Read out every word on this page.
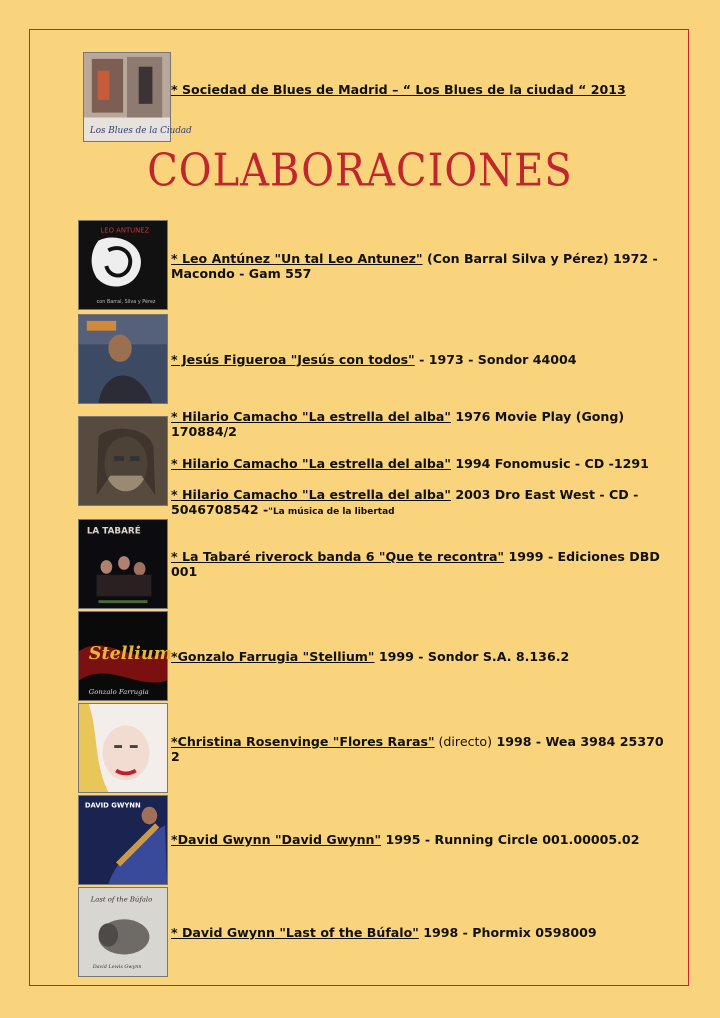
Los Blues de la Ciudad
* Sociedad de Blues de Madrid – “ Los Blues de la ciudad “ 2013
COLABORACIONES
LEO ANTUNEZ
con Barral, Silva y Pérez
* Leo Antúnez "Un tal Leo Antunez" (Con Barral Silva y Pérez) 1972 - Macondo - Gam 557
* Jesús Figueroa "Jesús con todos" - 1973 - Sondor 44004
* Hilario Camacho "La estrella del alba" 1976 Movie Play (Gong) 170884/2
* Hilario Camacho "La estrella del alba" 1994 Fonomusic - CD -1291
* Hilario Camacho "La estrella del alba" 2003 Dro East West - CD - 5046708542 -"La música de la libertad
LA TABARÉ
* La Tabaré riverock banda 6 "Que te recontra" 1999 - Ediciones DBD 001
Stellium
Gonzalo Farrugia
*Gonzalo Farrugia "Stellium" 1999 - Sondor S.A. 8.136.2
*Christina Rosenvinge "Flores Raras" (directo) 1998 - Wea 3984 25370 2
DAVID GWYNN
*David Gwynn "David Gwynn" 1995 - Running Circle 001.00005.02
Last of the Búfalo
David Lewis Gwynn
* David Gwynn "Last of the Búfalo" 1998 - Phormix 0598009
